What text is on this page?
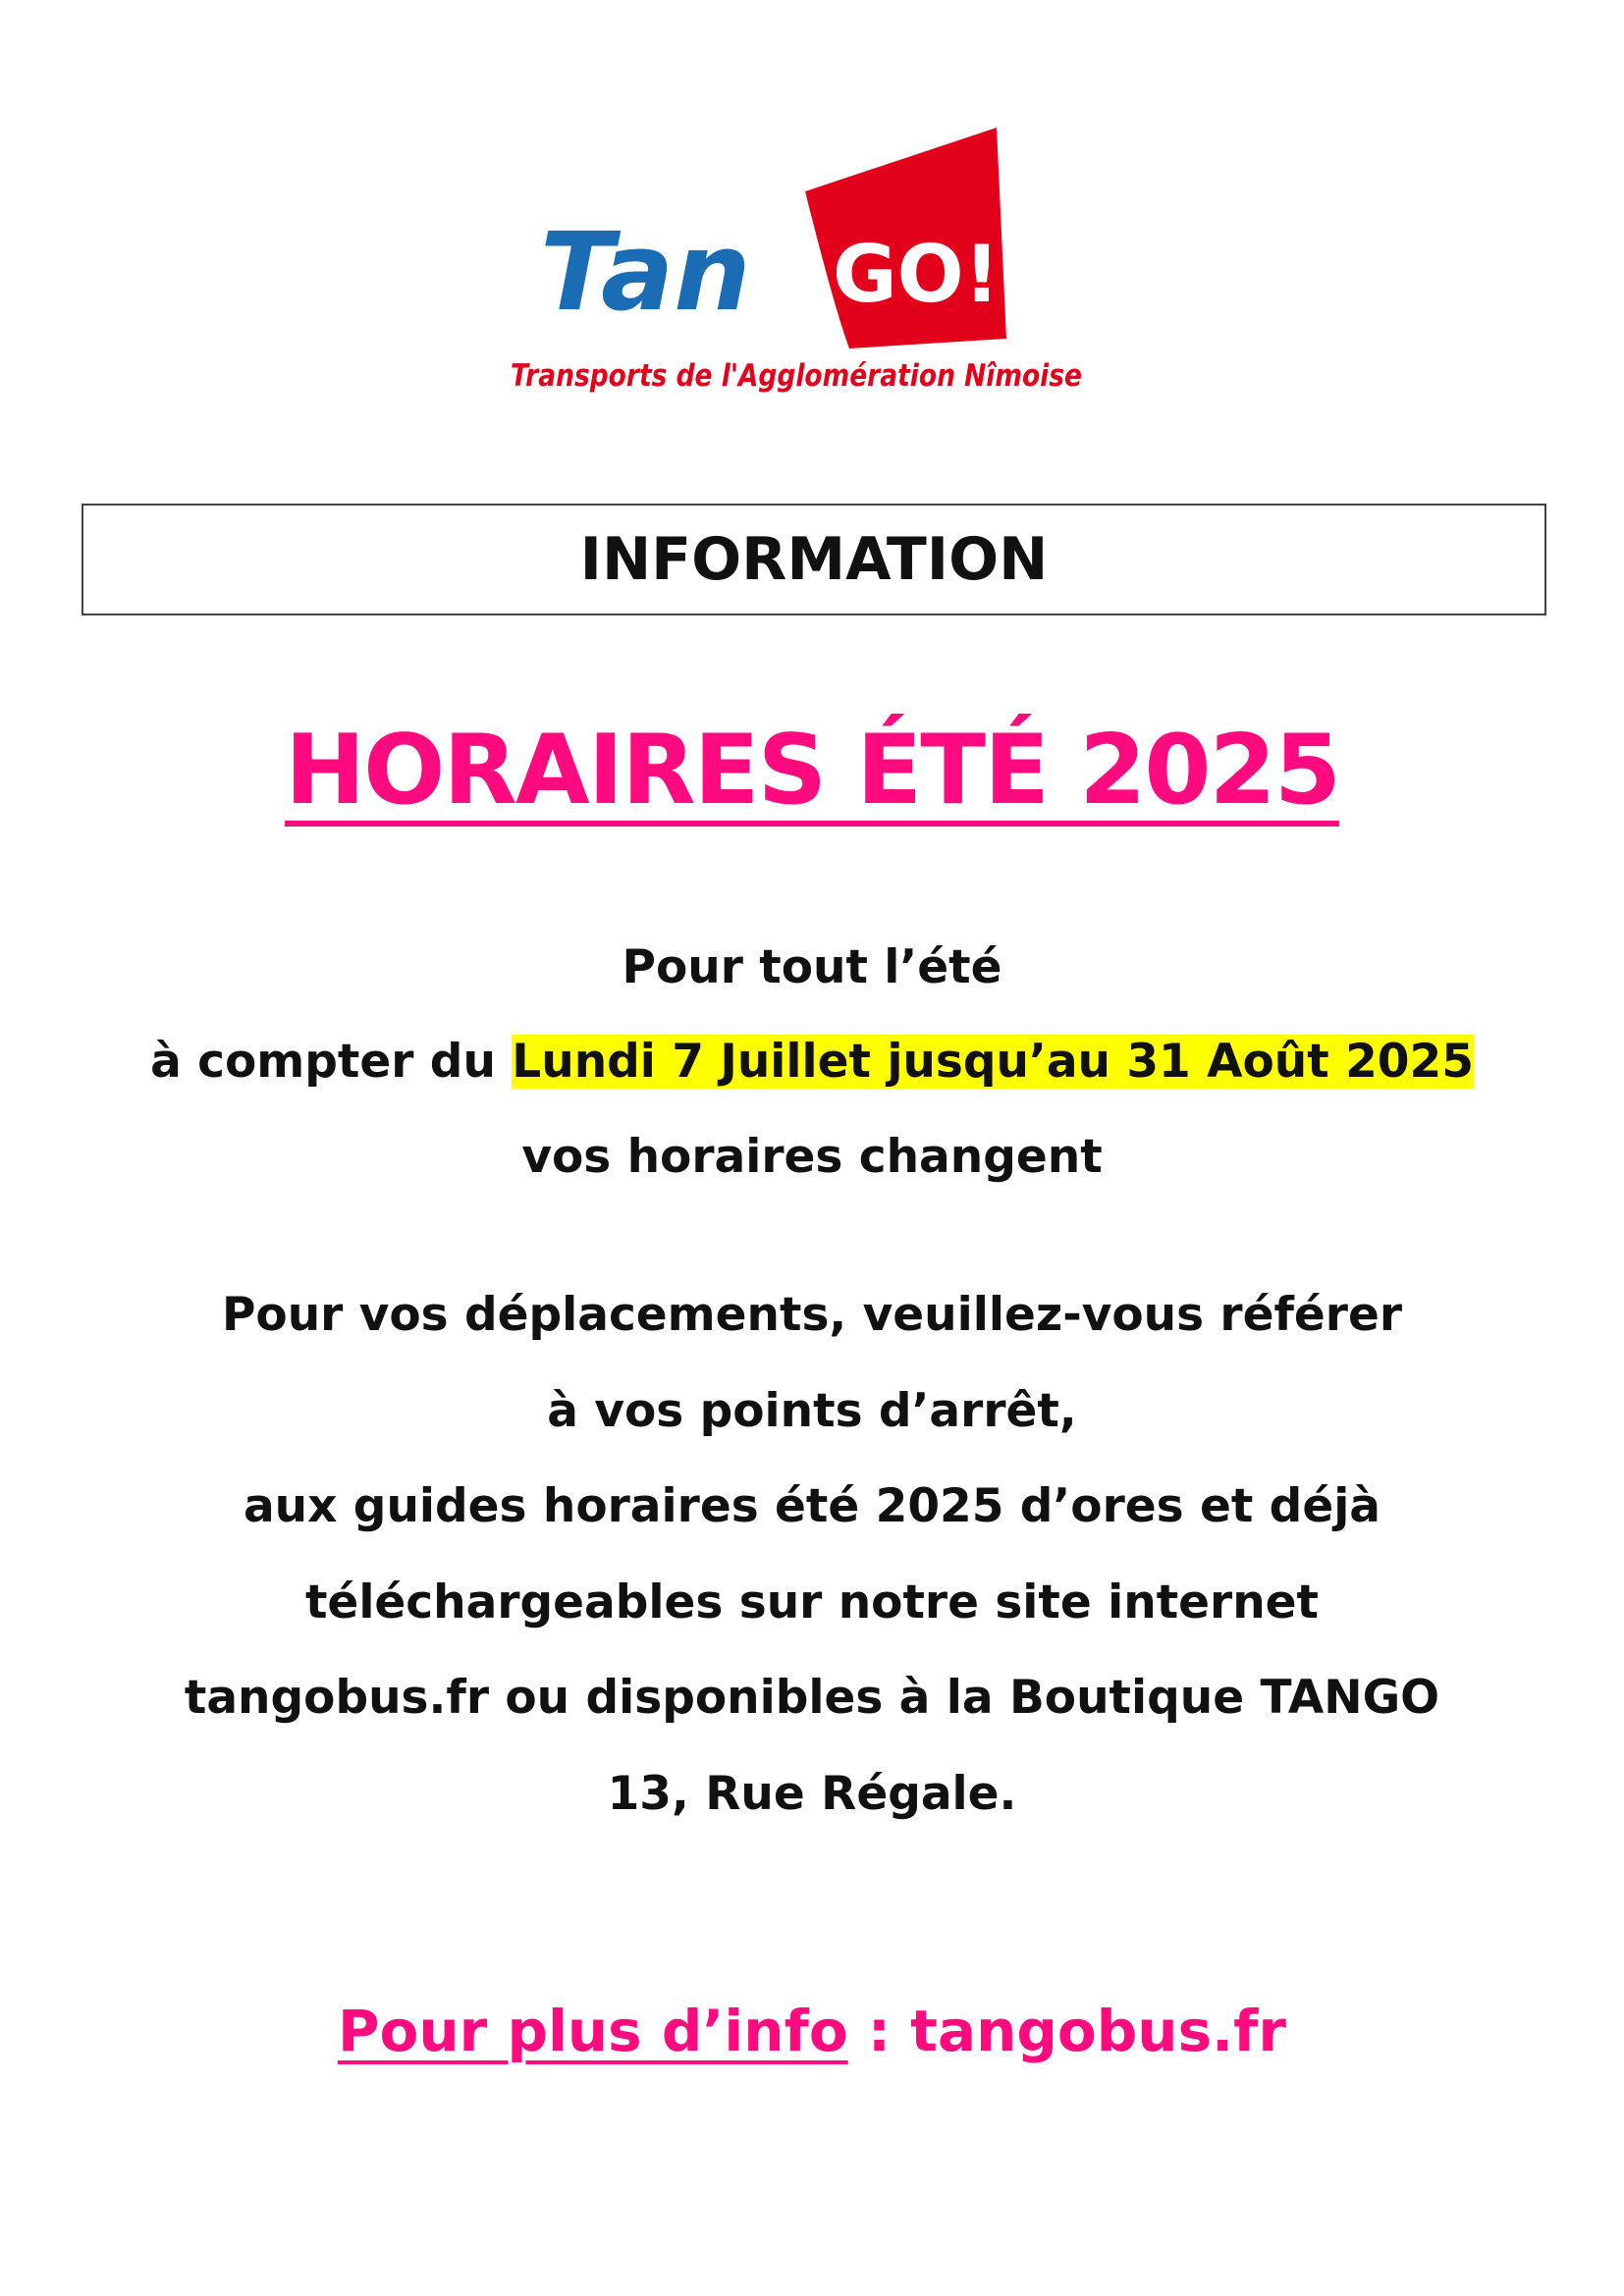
Tan GO!
Transports de l'Agglomération Nîmoise
INFORMATION
HORAIRES ÉTÉ 2025
Pour tout l’été
à compter du Lundi 7 Juillet jusqu’au 31 Août 2025
vos horaires changent
Pour vos déplacements, veuillez-vous référer
à vos points d’arrêt,
aux guides horaires été 2025 d’ores et déjà
téléchargeables sur notre site internet
tangobus.fr ou disponibles à la Boutique TANGO
13, Rue Régale.
Pour plus d’info : tangobus.fr
